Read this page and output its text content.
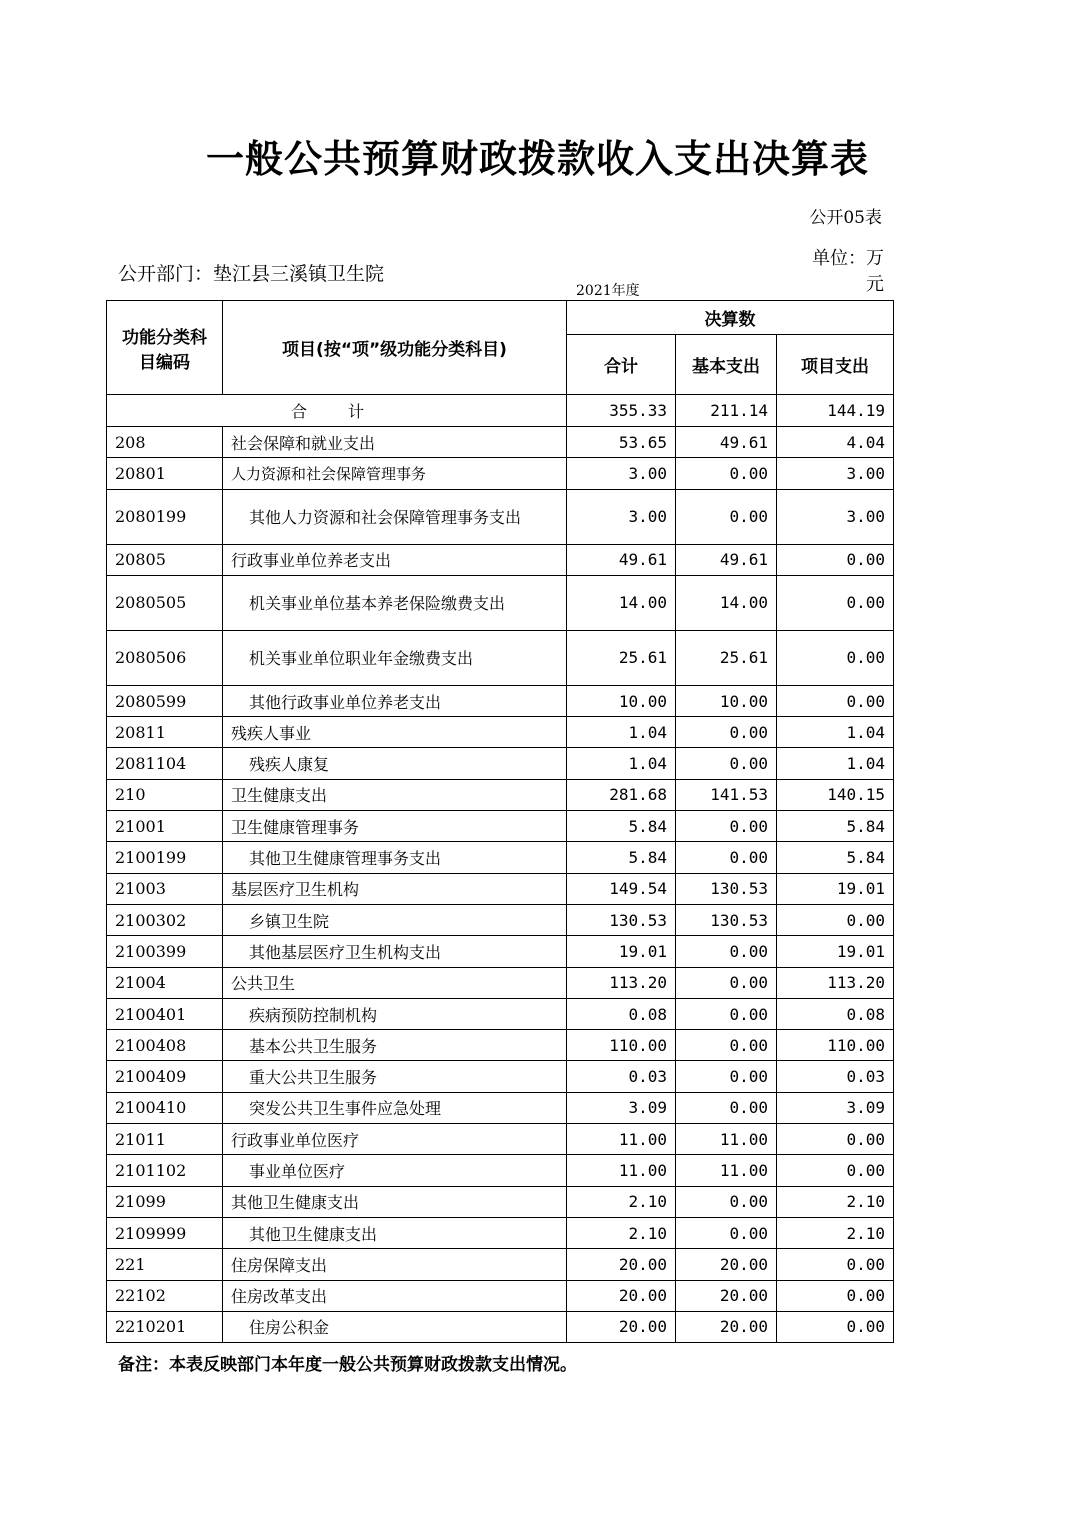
一般公共预算财政拨款收入支出决算表
公开05表
公开部门：垫江县三溪镇卫生院
2021年度
单位：万
元
功能分类科目编码	项目(按“项”级功能分类科目)	决算数		
		合计	基本支出	项目支出
合 计		355.33	211.14	144.19
208	社会保障和就业支出	53.65	49.61	4.04
20801	人力资源和社会保障管理事务	3.00	0.00	3.00
2080199	其他人力资源和社会保障管理事务支出	3.00	0.00	3.00
20805	行政事业单位养老支出	49.61	49.61	0.00
2080505	机关事业单位基本养老保险缴费支出	14.00	14.00	0.00
2080506	机关事业单位职业年金缴费支出	25.61	25.61	0.00
2080599	其他行政事业单位养老支出	10.00	10.00	0.00
20811	残疾人事业	1.04	0.00	1.04
2081104	残疾人康复	1.04	0.00	1.04
210	卫生健康支出	281.68	141.53	140.15
21001	卫生健康管理事务	5.84	0.00	5.84
2100199	其他卫生健康管理事务支出	5.84	0.00	5.84
21003	基层医疗卫生机构	149.54	130.53	19.01
2100302	乡镇卫生院	130.53	130.53	0.00
2100399	其他基层医疗卫生机构支出	19.01	0.00	19.01
21004	公共卫生	113.20	0.00	113.20
2100401	疾病预防控制机构	0.08	0.00	0.08
2100408	基本公共卫生服务	110.00	0.00	110.00
2100409	重大公共卫生服务	0.03	0.00	0.03
2100410	突发公共卫生事件应急处理	3.09	0.00	3.09
21011	行政事业单位医疗	11.00	11.00	0.00
2101102	事业单位医疗	11.00	11.00	0.00
21099	其他卫生健康支出	2.10	0.00	2.10
2109999	其他卫生健康支出	2.10	0.00	2.10
221	住房保障支出	20.00	20.00	0.00
22102	住房改革支出	20.00	20.00	0.00
2210201	住房公积金	20.00	20.00	0.00
备注：本表反映部门本年度一般公共预算财政拨款支出情况。
